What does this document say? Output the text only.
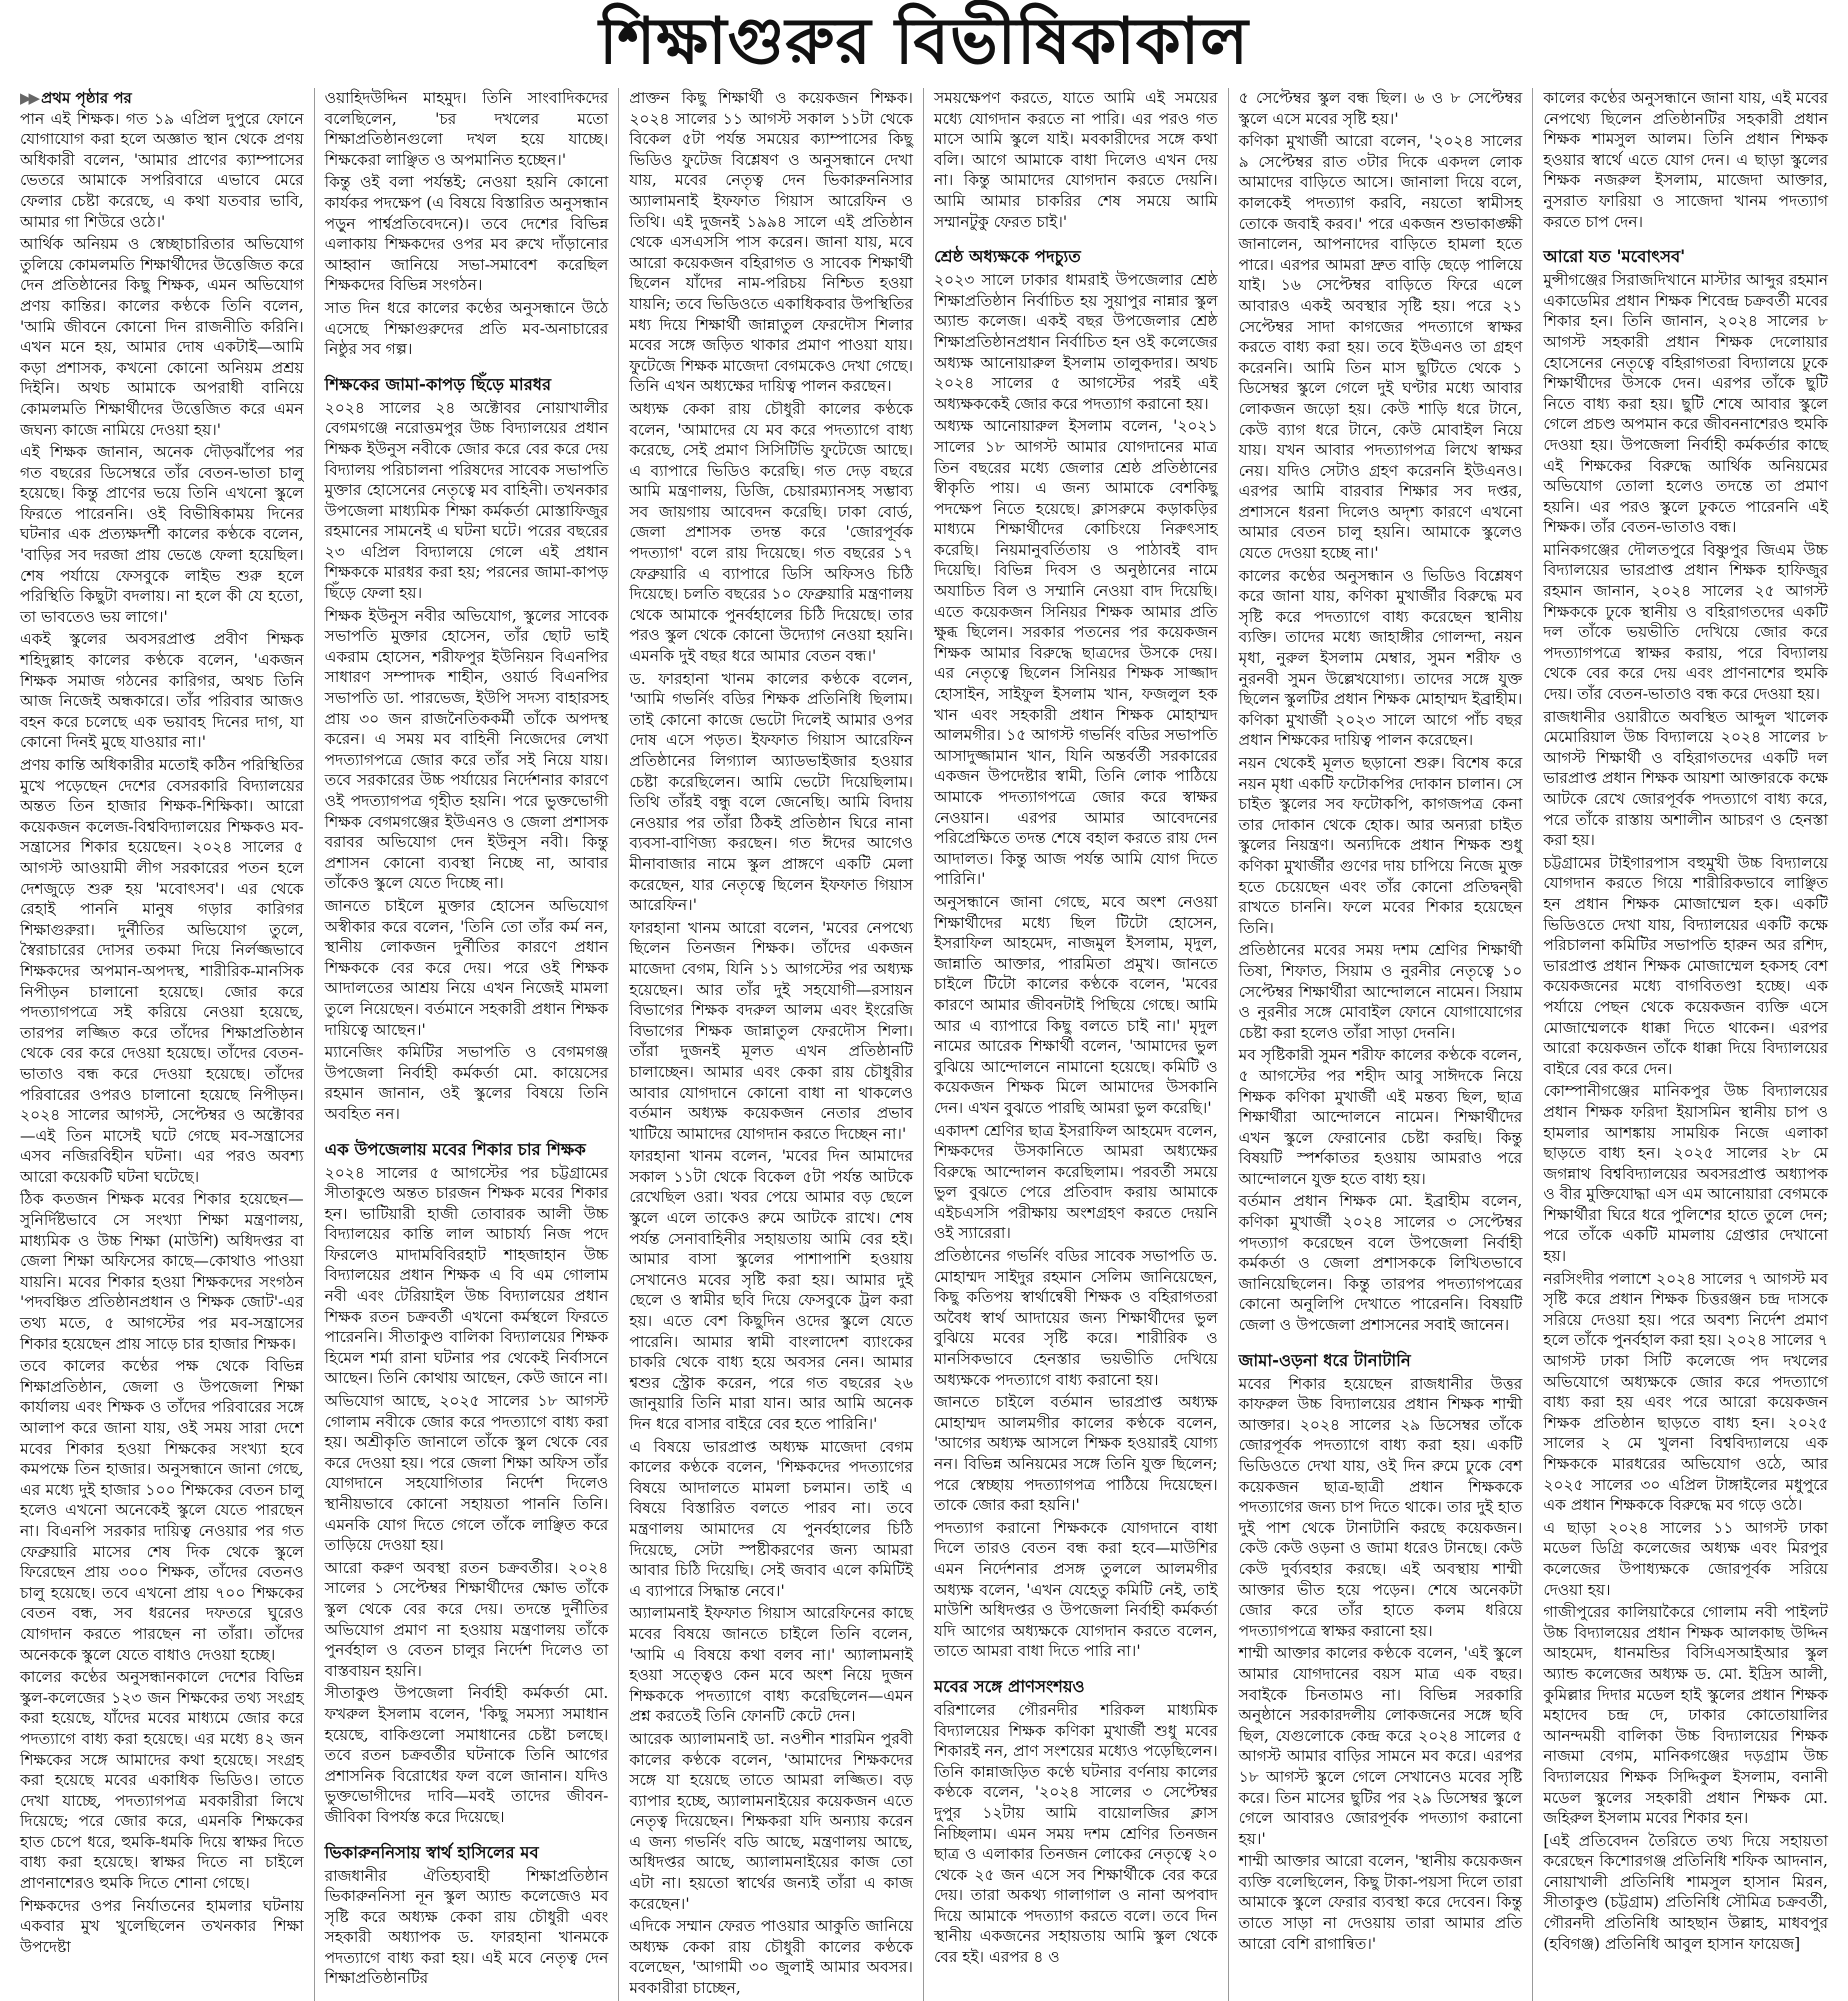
শিক্ষাগুরুর বিভীষিকাকাল
▶▶ প্রথম পৃষ্ঠার পর

পান এই শিক্ষক। গত ১৯ এপ্রিল দুপুরে ফোনে যোগাযোগ করা হলে অজ্ঞাত স্থান থেকে প্রণয় অধিকারী বলেন, 'আমার প্রাণের ক্যাম্পাসের ভেতরে আমাকে সপরিবারে এভাবে মেরে ফেলার চেষ্টা করেছে, এ কথা যতবার ভাবি, আমার গা শিউরে ওঠে।'

আর্থিক অনিয়ম ও স্বেচ্ছাচারিতার অভিযোগ তুলিয়ে কোমলমতি শিক্ষার্থীদের উত্তেজিত করে দেন প্রতিষ্ঠানের কিছু শিক্ষক, এমন অভিযোগ প্রণয় কান্তির। কালের কণ্ঠকে তিনি বলেন, 'আমি জীবনে কোনো দিন রাজনীতি করিনি। এখন মনে হয়, আমার দোষ একটাই—আমি কড়া প্রশাসক, কখনো কোনো অনিয়ম প্রশ্রয় দিইনি। অথচ আমাকে অপরাধী বানিয়ে কোমলমতি শিক্ষার্থীদের উত্তেজিত করে এমন জঘন্য কাজে নামিয়ে দেওয়া হয়।'

এই শিক্ষক জানান, অনেক দৌড়ঝাঁপের পর গত বছরের ডিসেম্বরে তাঁর বেতন-ভাতা চালু হয়েছে। কিন্তু প্রাণের ভয়ে তিনি এখনো স্কুলে ফিরতে পারেননি। ওই বিভীষিকাময় দিনের ঘটনার এক প্রত্যক্ষদর্শী কালের কণ্ঠকে বলেন, 'বাড়ির সব দরজা প্রায় ভেঙে ফেলা হয়েছিল। শেষ পর্যায়ে ফেসবুকে লাইভ শুরু হলে পরিস্থিতি কিছুটা বদলায়। না হলে কী যে হতো, তা ভাবতেও ভয় লাগে।'

একই স্কুলের অবসরপ্রাপ্ত প্রবীণ শিক্ষক শহিদুল্লাহ কালের কণ্ঠকে বলেন, 'একজন শিক্ষক সমাজ গঠনের কারিগর, অথচ তিনি আজ নিজেই অন্ধকারে। তাঁর পরিবার আজও বহন করে চলেছে এক ভয়াবহ দিনের দাগ, যা কোনো দিনই মুছে যাওয়ার না।'

প্রণয় কান্তি অধিকারীর মতোই কঠিন পরিস্থিতির মুখে পড়েছেন দেশের বেসরকারি বিদ্যালয়ের অন্তত তিন হাজার শিক্ষক-শিক্ষিকা। আরো কয়েকজন কলেজ-বিশ্ববিদ্যালয়ের শিক্ষকও মব-সন্ত্রাসের শিকার হয়েছেন। ২০২৪ সালের ৫ আগস্ট আওয়ামী লীগ সরকারের পতন হলে দেশজুড়ে শুরু হয় 'মবোৎসব'। এর থেকে রেহাই পাননি মানুষ গড়ার কারিগর শিক্ষাগুরুরা। দুর্নীতির অভিযোগ তুলে, স্বৈরাচারের দোসর তকমা দিয়ে নির্লজ্জভাবে শিক্ষকদের অপমান-অপদস্থ, শারীরিক-মানসিক নিপীড়ন চালানো হয়েছে। জোর করে পদত্যাগপত্রে সই করিয়ে নেওয়া হয়েছে, তারপর লজ্জিত করে তাঁদের শিক্ষাপ্রতিষ্ঠান থেকে বের করে দেওয়া হয়েছে। তাঁদের বেতন-ভাতাও বন্ধ করে দেওয়া হয়েছে। তাঁদের পরিবারের ওপরও চালানো হয়েছে নিপীড়ন। ২০২৪ সালের আগস্ট, সেপ্টেম্বর ও অক্টোবর—এই তিন মাসেই ঘটে গেছে মব-সন্ত্রাসের এসব নজিরবিহীন ঘটনা। এর পরও অবশ্য আরো কয়েকটি ঘটনা ঘটেছে।

ঠিক কতজন শিক্ষক মবের শিকার হয়েছেন—সুনির্দিষ্টভাবে সে সংখ্যা শিক্ষা মন্ত্রণালয়, মাধ্যমিক ও উচ্চ শিক্ষা (মাউশি) অধিদপ্তর বা জেলা শিক্ষা অফিসের কাছে—কোথাও পাওয়া যায়নি। মবের শিকার হওয়া শিক্ষকদের সংগঠন 'পদবঞ্চিত প্রতিষ্ঠানপ্রধান ও শিক্ষক জোট'-এর তথ্য মতে, ৫ আগস্টের পর মব-সন্ত্রাসের শিকার হয়েছেন প্রায় সাড়ে চার হাজার শিক্ষক।

তবে কালের কণ্ঠের পক্ষ থেকে বিভিন্ন শিক্ষাপ্রতিষ্ঠান, জেলা ও উপজেলা শিক্ষা কার্যালয় এবং শিক্ষক ও তাঁদের পরিবারের সঙ্গে আলাপ করে জানা যায়, ওই সময় সারা দেশে মবের শিকার হওয়া শিক্ষকের সংখ্যা হবে কমপক্ষে তিন হাজার। অনুসন্ধানে জানা গেছে, এর মধ্যে দুই হাজার ১০০ শিক্ষকের বেতন চালু হলেও এখনো অনেকেই স্কুলে যেতে পারছেন না। বিএনপি সরকার দায়িত্ব নেওয়ার পর গত ফেব্রুয়ারি মাসের শেষ দিক থেকে স্কুলে ফিরেছেন প্রায় ৩০০ শিক্ষক, তাঁদের বেতনও চালু হয়েছে। তবে এখনো প্রায় ৭০০ শিক্ষকের বেতন বন্ধ, সব ধরনের দফতরে ঘুরেও যোগদান করতে পারছেন না তাঁরা। তাঁদের অনেককে স্কুলে যেতে বাধাও দেওয়া হচ্ছে।

কালের কণ্ঠের অনুসন্ধানকালে দেশের বিভিন্ন স্কুল-কলেজের ১২৩ জন শিক্ষকের তথ্য সংগ্রহ করা হয়েছে, যাঁদের মবের মাধ্যমে জোর করে পদত্যাগে বাধ্য করা হয়েছে। এর মধ্যে ৪২ জন শিক্ষকের সঙ্গে আমাদের কথা হয়েছে। সংগ্রহ করা হয়েছে মবের একাধিক ভিডিও। তাতে দেখা যাচ্ছে, পদত্যাগপত্র মবকারীরা লিখে দিয়েছে; পরে জোর করে, এমনকি শিক্ষকের হাত চেপে ধরে, হুমকি-ধমকি দিয়ে স্বাক্ষর দিতে বাধ্য করা হয়েছে। স্বাক্ষর দিতে না চাইলে প্রাণনাশেরও হুমকি দিতে শোনা গেছে।

শিক্ষকদের ওপর নির্যাতনের হামলার ঘটনায় একবার মুখ খুলেছিলেন তখনকার শিক্ষা উপদেষ্টা

ওয়াহিদউদ্দিন মাহমুদ। তিনি সাংবাদিকদের বলেছিলেন, 'চর দখলের মতো শিক্ষাপ্রতিষ্ঠানগুলো দখল হয়ে যাচ্ছে। শিক্ষকেরা লাঞ্ছিত ও অপমানিত হচ্ছেন।'

কিন্তু ওই বলা পর্যন্তই; নেওয়া হয়নি কোনো কার্যকর পদক্ষেপ (এ বিষয়ে বিস্তারিত অনুসন্ধান পড়ুন পার্শ্বপ্রতিবেদনে)। তবে দেশের বিভিন্ন এলাকায় শিক্ষকদের ওপর মব রুখে দাঁড়ানোর আহ্বান জানিয়ে সভা-সমাবেশ করেছিল শিক্ষকদের বিভিন্ন সংগঠন।

সাত দিন ধরে কালের কণ্ঠের অনুসন্ধানে উঠে এসেছে শিক্ষাগুরুদের প্রতি মব-অনাচারের নিষ্ঠুর সব গল্প।

শিক্ষকের জামা-কাপড় ছিঁড়ে মারধর

২০২৪ সালের ২৪ অক্টোবর নোয়াখালীর বেগমগঞ্জে নরোত্তমপুর উচ্চ বিদ্যালয়ের প্রধান শিক্ষক ইউনুস নবীকে জোর করে বের করে দেয় বিদ্যালয় পরিচালনা পরিষদের সাবেক সভাপতি মুক্তার হোসেনের নেতৃত্বে মব বাহিনী। তখনকার উপজেলা মাধ্যমিক শিক্ষা কর্মকর্তা মোস্তাফিজুর রহমানের সামনেই এ ঘটনা ঘটে। পরের বছরের ২৩ এপ্রিল বিদ্যালয়ে গেলে এই প্রধান শিক্ষককে মারধর করা হয়; পরনের জামা-কাপড় ছিঁড়ে ফেলা হয়।

শিক্ষক ইউনুস নবীর অভিযোগ, স্কুলের সাবেক সভাপতি মুক্তার হোসেন, তাঁর ছোট ভাই একরাম হোসেন, শরীফপুর ইউনিয়ন বিএনপির সাধারণ সম্পাদক শাহীন, ওয়ার্ড বিএনপির সভাপতি ডা. পারভেজ, ইউপি সদস্য বাহারসহ প্রায় ৩০ জন রাজনৈতিককর্মী তাঁকে অপদস্থ করেন। এ সময় মব বাহিনী নিজেদের লেখা পদত্যাগপত্রে জোর করে তাঁর সই নিয়ে যায়। তবে সরকারের উচ্চ পর্যায়ের নির্দেশনার কারণে ওই পদত্যাগপত্র গৃহীত হয়নি। পরে ভুক্তভোগী শিক্ষক বেগমগঞ্জের ইউএনও ও জেলা প্রশাসক বরাবর অভিযোগ দেন ইউনুস নবী। কিন্তু প্রশাসন কোনো ব্যবস্থা নিচ্ছে না, আবার তাঁকেও স্কুলে যেতে দিচ্ছে না।

জানতে চাইলে মুক্তার হোসেন অভিযোগ অস্বীকার করে বলেন, 'তিনি তো তাঁর কর্ম নন, স্থানীয় লোকজন দুর্নীতির কারণে প্রধান শিক্ষককে বের করে দেয়। পরে ওই শিক্ষক আদালতের আশ্রয় নিয়ে এখন নিজেই মামলা তুলে নিয়েছেন। বর্তমানে সহকারী প্রধান শিক্ষক দায়িত্বে আছেন।'

ম্যানেজিং কমিটির সভাপতি ও বেগমগঞ্জ উপজেলা নির্বাহী কর্মকর্তা মো. কায়েসের রহমান জানান, ওই স্কুলের বিষয়ে তিনি অবহিত নন।

এক উপজেলায় মবের শিকার চার শিক্ষক

২০২৪ সালের ৫ আগস্টের পর চট্টগ্রামের সীতাকুণ্ডে অন্তত চারজন শিক্ষক মবের শিকার হন। ভাটিয়ারী হাজী তোবারক আলী উচ্চ বিদ্যালয়ের কান্তি লাল আচার্য্য নিজ পদে ফিরলেও মাদামবিবিরহাট শাহজাহান উচ্চ বিদ্যালয়ের প্রধান শিক্ষক এ বি এম গোলাম নবী এবং টেরিয়াইল উচ্চ বিদ্যালয়ের প্রধান শিক্ষক রতন চক্রবর্তী এখনো কর্মস্থলে ফিরতে পারেননি। সীতাকুণ্ড বালিকা বিদ্যালয়ের শিক্ষক হিমেল শর্মা রানা ঘটনার পর থেকেই নির্বাসনে আছেন। তিনি কোথায় আছেন, কেউ জানে না।

অভিযোগ আছে, ২০২৫ সালের ১৮ আগস্ট গোলাম নবীকে জোর করে পদত্যাগে বাধ্য করা হয়। অশ্রীকৃতি জানালে তাঁকে স্কুল থেকে বের করে দেওয়া হয়। পরে জেলা শিক্ষা অফিস তাঁর যোগদানে সহযোগিতার নির্দেশ দিলেও স্থানীয়ভাবে কোনো সহায়তা পাননি তিনি। এমনকি যোগ দিতে গেলে তাঁকে লাঞ্ছিত করে তাড়িয়ে দেওয়া হয়।

আরো করুণ অবস্থা রতন চক্রবর্তীর। ২০২৪ সালের ১ সেপ্টেম্বর শিক্ষার্থীদের ক্ষোভ তাঁকে স্কুল থেকে বের করে দেয়। তদন্তে দুর্নীতির অভিযোগ প্রমাণ না হওয়ায় মন্ত্রণালয় তাঁকে পুনর্বহাল ও বেতন চালুর নির্দেশ দিলেও তা বাস্তবায়ন হয়নি।

সীতাকুণ্ড উপজেলা নির্বাহী কর্মকর্তা মো. ফখরুল ইসলাম বলেন, 'কিছু সমস্যা সমাধান হয়েছে, বাকিগুলো সমাধানের চেষ্টা চলছে। তবে রতন চক্রবর্তীর ঘটনাকে তিনি আগের প্রশাসনিক বিরোধের ফল বলে জানান। যদিও ভুক্তভোগীদের দাবি—মবই তাদের জীবন-জীবিকা বিপর্যস্ত করে দিয়েছে।

ভিকারুননিসায় স্বার্থ হাসিলের মব

রাজধানীর ঐতিহ্যবাহী শিক্ষাপ্রতিষ্ঠান ভিকারুননিসা নূন স্কুল অ্যান্ড কলেজেও মব সৃষ্টি করে অধ্যক্ষ কেকা রায় চৌধুরী এবং সহকারী অধ্যাপক ড. ফারহানা খানমকে পদত্যাগে বাধ্য করা হয়। এই মবে নেতৃত্ব দেন শিক্ষাপ্রতিষ্ঠানটির

প্রাক্তন কিছু শিক্ষার্থী ও কয়েকজন শিক্ষক। ২০২৪ সালের ১১ আগস্ট সকাল ১১টা থেকে বিকেল ৫টা পর্যন্ত সময়ের ক্যাম্পাসের কিছু ভিডিও ফুটেজ বিশ্লেষণ ও অনুসন্ধানে দেখা যায়, মবের নেতৃত্ব দেন ভিকারুননিসার অ্যালামনাই ইফফাত গিয়াস আরেফিন ও তিথি। এই দুজনই ১৯৯৪ সালে এই প্রতিষ্ঠান থেকে এসএসসি পাস করেন। জানা যায়, মবে আরো কয়েকজন বহিরাগত ও সাবেক শিক্ষার্থী ছিলেন যাঁদের নাম-পরিচয় নিশ্চিত হওয়া যায়নি; তবে ভিডিওতে একাধিকবার উপস্থিতির মধ্য দিয়ে শিক্ষার্থী জান্নাতুল ফেরদৌস শিলার মবের সঙ্গে জড়িত থাকার প্রমাণ পাওয়া যায়। ফুটেজে শিক্ষক মাজেদা বেগমকেও দেখা গেছে। তিনি এখন অধ্যক্ষের দায়িত্ব পালন করছেন।

অধ্যক্ষ কেকা রায় চৌধুরী কালের কণ্ঠকে বলেন, 'আমাদের যে মব করে পদত্যাগে বাধ্য করেছে, সেই প্রমাণ সিসিটিভি ফুটেজে আছে। এ ব্যাপারে ভিডিও করেছি। গত দেড় বছরে আমি মন্ত্রণালয়, ডিজি, চেয়ারম্যানসহ সম্ভাব্য সব জায়গায় আবেদন করেছি। ঢাকা বোর্ড, জেলা প্রশাসক তদন্ত করে 'জোরপূর্বক পদত্যাগ' বলে রায় দিয়েছে। গত বছরের ১৭ ফেব্রুয়ারি এ ব্যাপারে ডিসি অফিসও চিঠি দিয়েছে। চলতি বছরের ১০ ফেব্রুয়ারি মন্ত্রণালয় থেকে আমাকে পুনর্বহালের চিঠি দিয়েছে। তার পরও স্কুল থেকে কোনো উদ্যোগ নেওয়া হয়নি। এমনকি দুই বছর ধরে আমার বেতন বন্ধ।'

ড. ফারহানা খানম কালের কণ্ঠকে বলেন, 'আমি গভর্নিং বডির শিক্ষক প্রতিনিধি ছিলাম। তাই কোনো কাজে ভেটো দিলেই আমার ওপর দোষ এসে পড়ত। ইফফাত গিয়াস আরেফিন প্রতিষ্ঠানের লিগ্যাল অ্যাডভাইজার হওয়ার চেষ্টা করেছিলেন। আমি ভেটো দিয়েছিলাম। তিথি তাঁরই বন্ধু বলে জেনেছি। আমি বিদায় নেওয়ার পর তাঁরা ঠিকই প্রতিষ্ঠান ঘিরে নানা ব্যবসা-বাণিজ্য করছেন। গত ঈদের আগেও মীনাবাজার নামে স্কুল প্রাঙ্গণে একটি মেলা করেছেন, যার নেতৃত্বে ছিলেন ইফফাত গিয়াস আরেফিন।'

ফারহানা খানম আরো বলেন, 'মবের নেপথ্যে ছিলেন তিনজন শিক্ষক। তাঁদের একজন মাজেদা বেগম, যিনি ১১ আগস্টের পর অধ্যক্ষ হয়েছেন। আর তাঁর দুই সহযোগী—রসায়ন বিভাগের শিক্ষক বদরুল আলম এবং ইংরেজি বিভাগের শিক্ষক জান্নাতুল ফেরদৌস শিলা। তাঁরা দুজনই মূলত এখন প্রতিষ্ঠানটি চালাচ্ছেন। আমার এবং কেকা রায় চৌধুরীর আবার যোগদানে কোনো বাধা না থাকলেও বর্তমান অধ্যক্ষ কয়েকজন নেতার প্রভাব খাটিয়ে আমাদের যোগদান করতে দিচ্ছেন না।'

ফারহানা খানম বলেন, 'মবের দিন আমাদের সকাল ১১টা থেকে বিকেল ৫টা পর্যন্ত আটকে রেখেছিল ওরা। খবর পেয়ে আমার বড় ছেলে স্কুলে এলে তাকেও রুমে আটকে রাখে। শেষ পর্যন্ত সেনাবাহিনীর সহায়তায় আমি বের হই। আমার বাসা স্কুলের পাশাপাশি হওয়ায় সেখানেও মবের সৃষ্টি করা হয়। আমার দুই ছেলে ও স্বামীর ছবি দিয়ে ফেসবুকে ট্রল করা হয়। এতে বেশ কিছুদিন ওদের স্কুলে যেতে পারেনি। আমার স্বামী বাংলাদেশ ব্যাংকের চাকরি থেকে বাধ্য হয়ে অবসর নেন। আমার শ্বশুর স্ট্রোক করেন, পরে গত বছরের ২৬ জানুয়ারি তিনি মারা যান। আর আমি অনেক দিন ধরে বাসার বাইরে বের হতে পারিনি।'

এ বিষয়ে ভারপ্রাপ্ত অধ্যক্ষ মাজেদা বেগম কালের কণ্ঠকে বলেন, 'শিক্ষকদের পদত্যাগের বিষয়ে আদালতে মামলা চলমান। তাই এ বিষয়ে বিস্তারিত বলতে পারব না। তবে মন্ত্রণালয় আমাদের যে পুনর্বহালের চিঠি দিয়েছে, সেটা স্পষ্টীকরণের জন্য আমরা আবার চিঠি দিয়েছি। সেই জবাব এলে কমিটিই এ ব্যাপারে সিদ্ধান্ত নেবে।'

অ্যালামনাই ইফফাত গিয়াস আরেফিনের কাছে মবের বিষয়ে জানতে চাইলে তিনি বলেন, 'আমি এ বিষয়ে কথা বলব না।' অ্যালামনাই হওয়া সত্ত্বেও কেন মবে অংশ নিয়ে দুজন শিক্ষককে পদত্যাগে বাধ্য করেছিলেন—এমন প্রশ্ন করতেই তিনি ফোনটি কেটে দেন।

আরেক অ্যালামনাই ডা. নওশীন শারমিন পুরবী কালের কণ্ঠকে বলেন, 'আমাদের শিক্ষকদের সঙ্গে যা হয়েছে তাতে আমরা লজ্জিত। বড় ব্যাপার হচ্ছে, অ্যালামনাইয়ের কয়েকজন এতে নেতৃত্ব দিয়েছেন। শিক্ষকরা যদি অন্যায় করেন এ জন্য গভর্নিং বডি আছে, মন্ত্রণালয় আছে, অধিদপ্তর আছে, অ্যালামনাইয়ের কাজ তো এটা না। হয়তো স্বার্থের জন্যই তাঁরা এ কাজ করেছেন।'

এদিকে সম্মান ফেরত পাওয়ার আকুতি জানিয়ে অধ্যক্ষ কেকা রায় চৌধুরী কালের কণ্ঠকে বলেছেন, 'আগামী ৩০ জুলাই আমার অবসর। মবকারীরা চাচ্ছেন,

সময়ক্ষেপণ করতে, যাতে আমি এই সময়ের মধ্যে যোগদান করতে না পারি। এর পরও গত মাসে আমি স্কুলে যাই। মবকারীদের সঙ্গে কথা বলি। আগে আমাকে বাধা দিলেও এখন দেয় না। কিন্তু আমাদের যোগদান করতে দেয়নি। আমি আমার চাকরির শেষ সময়ে আমি সম্মানটুকু ফেরত চাই।'

শ্রেষ্ঠ অধ্যক্ষকে পদচ্যুত

২০২৩ সালে ঢাকার ধামরাই উপজেলার শ্রেষ্ঠ শিক্ষাপ্রতিষ্ঠান নির্বাচিত হয় সুয়াপুর নান্নার স্কুল অ্যান্ড কলেজ। একই বছর উপজেলার শ্রেষ্ঠ শিক্ষাপ্রতিষ্ঠানপ্রধান নির্বাচিত হন ওই কলেজের অধ্যক্ষ আনোয়ারুল ইসলাম তালুকদার। অথচ ২০২৪ সালের ৫ আগস্টের পরই এই অধ্যক্ষককেই জোর করে পদত্যাগ করানো হয়।

অধ্যক্ষ আনোয়ারুল ইসলাম বলেন, '২০২১ সালের ১৮ আগস্ট আমার যোগদানের মাত্র তিন বছরের মধ্যে জেলার শ্রেষ্ঠ প্রতিষ্ঠানের স্বীকৃতি পায়। এ জন্য আমাকে বেশকিছু পদক্ষেপ নিতে হয়েছে। ক্লাসরুমে কড়াকড়ির মাধ্যমে শিক্ষার্থীদের কোচিংয়ে নিরুৎসাহ করেছি। নিয়মানুবর্তিতায় ও পাঠাবই বাদ দিয়েছি। বিভিন্ন দিবস ও অনুষ্ঠানের নামে অযাচিত বিল ও সম্মানি নেওয়া বাদ দিয়েছি। এতে কয়েকজন সিনিয়র শিক্ষক আমার প্রতি ক্ষুব্ধ ছিলেন। সরকার পতনের পর কয়েকজন শিক্ষক আমার বিরুদ্ধে ছাত্রদের উসকে দেয়। এর নেতৃত্বে ছিলেন সিনিয়র শিক্ষক সাজ্জাদ হোসাইন, সাইফুল ইসলাম খান, ফজলুল হক খান এবং সহকারী প্রধান শিক্ষক মোহাম্মদ আলমগীর। ১৫ আগস্ট গভর্নিং বডির সভাপতি আসাদুজ্জামান খান, যিনি অন্তর্বর্তী সরকারের একজন উপদেষ্টার স্বামী, তিনি লোক পাঠিয়ে আমাকে পদত্যাগপত্রে জোর করে স্বাক্ষর নেওয়ান। এরপর আমার আবেদনের পরিপ্রেক্ষিতে তদন্ত শেষে বহাল করতে রায় দেন আদালত। কিন্তু আজ পর্যন্ত আমি যোগ দিতে পারিনি।'

অনুসন্ধানে জানা গেছে, মবে অংশ নেওয়া শিক্ষার্থীদের মধ্যে ছিল টিটো হোসেন, ইসরাফিল আহমেদ, নাজমুল ইসলাম, মৃদুল, জান্নাতি আক্তার, পারমিতা প্রমুখ। জানতে চাইলে টিটো কালের কণ্ঠকে বলেন, 'মবের কারণে আমার জীবনটাই পিছিয়ে গেছে। আমি আর এ ব্যাপারে কিছু বলতে চাই না।' মৃদুল নামের আরেক শিক্ষার্থী বলেন, 'আমাদের ভুল বুঝিয়ে আন্দোলনে নামানো হয়েছে। কমিটি ও কয়েকজন শিক্ষক মিলে আমাদের উসকানি দেন। এখন বুঝতে পারছি আমরা ভুল করেছি।'

একাদশ শ্রেণির ছাত্র ইসরাফিল আহমেদ বলেন, শিক্ষকদের উসকানিতে আমরা অধ্যক্ষের বিরুদ্ধে আন্দোলন করেছিলাম। পরবর্তী সময়ে ভুল বুঝতে পেরে প্রতিবাদ করায় আমাকে এইচএসসি পরীক্ষায় অংশগ্রহণ করতে দেয়নি ওই স্যারেরা।

প্রতিষ্ঠানের গভর্নিং বডির সাবেক সভাপতি ড. মোহাম্মদ সাইদুর রহমান সেলিম জানিয়েছেন, কিছু কতিপয় স্বার্থান্বেষী শিক্ষক ও বহিরাগতরা অবৈধ স্বার্থ আদায়ের জন্য শিক্ষার্থীদের ভুল বুঝিয়ে মবের সৃষ্টি করে। শারীরিক ও মানসিকভাবে হেনস্তার ভয়ভীতি দেখিয়ে অধ্যক্ষকে পদত্যাগে বাধ্য করানো হয়।

জানতে চাইলে বর্তমান ভারপ্রাপ্ত অধ্যক্ষ মোহাম্মদ আলমগীর কালের কণ্ঠকে বলেন, 'আগের অধ্যক্ষ আসলে শিক্ষক হওয়ারই যোগ্য নন। বিভিন্ন অনিয়মের সঙ্গে তিনি যুক্ত ছিলেন; পরে স্বেচ্ছায় পদত্যাগপত্র পাঠিয়ে দিয়েছেন। তাকে জোর করা হয়নি।'

পদত্যাগ করানো শিক্ষককে যোগদানে বাধা দিলে তারও বেতন বন্ধ করা হবে—মাউশির এমন নির্দেশনার প্রসঙ্গ তুললে আলমগীর অধ্যক্ষ বলেন, 'এখন যেহেতু কমিটি নেই, তাই মাউশি অধিদপ্তর ও উপজেলা নির্বাহী কর্মকর্তা যদি আগের অধ্যক্ষকে যোগদান করতে বলেন, তাতে আমরা বাধা দিতে পারি না।'

মবের সঙ্গে প্রাণসংশয়ও

বরিশালের গৌরনদীর শরিকল মাধ্যমিক বিদ্যালয়ের শিক্ষক কণিকা মুখার্জী শুধু মবের শিকারই নন, প্রাণ সংশয়ের মধ্যেও পড়েছিলেন। তিনি কান্নাজড়িত কণ্ঠে ঘটনার বর্ণনায় কালের কণ্ঠকে বলেন, '২০২৪ সালের ৩ সেপ্টেম্বর দুপুর ১২টায় আমি বায়োলজির ক্লাস নিচ্ছিলাম। এমন সময় দশম শ্রেণির তিনজন ছাত্র ও এলাকার তিনজন লোকের নেতৃত্বে ২০ থেকে ২৫ জন এসে সব শিক্ষার্থীকে বের করে দেয়। তারা অকথ্য গালাগাল ও নানা অপবাদ দিয়ে আমাকে পদত্যাগ করতে বলে। তবে দিন স্থানীয় একজনের সহায়তায় আমি স্কুল থেকে বের হই। এরপর ৪ ও

৫ সেপ্টেম্বর স্কুল বন্ধ ছিল। ৬ ও ৮ সেপ্টেম্বর স্কুলে এসে মবের সৃষ্টি হয়।'

কণিকা মুখার্জী আরো বলেন, '২০২৪ সালের ৯ সেপ্টেম্বর রাত ৩টার দিকে একদল লোক আমাদের বাড়িতে আসে। জানালা দিয়ে বলে, কালকেই পদত্যাগ করবি, নয়তো স্বামীসহ তোকে জবাই করব।' পরে একজন শুভাকাঙ্ক্ষী জানালেন, আপনাদের বাড়িতে হামলা হতে পারে। এরপর আমরা দ্রুত বাড়ি ছেড়ে পালিয়ে যাই। ১৬ সেপ্টেম্বর বাড়িতে ফিরে এলে আবারও একই অবস্থার সৃষ্টি হয়। পরে ২১ সেপ্টেম্বর সাদা কাগজের পদত্যাগে স্বাক্ষর করতে বাধ্য করা হয়। তবে ইউএনও তা গ্রহণ করেননি। আমি তিন মাস ছুটিতে থেকে ১ ডিসেম্বর স্কুলে গেলে দুই ঘণ্টার মধ্যে আবার লোকজন জড়ো হয়। কেউ শাড়ি ধরে টানে, কেউ ব্যাগ ধরে টানে, কেউ মোবাইল নিয়ে যায়। যখন আবার পদত্যাগপত্র লিখে স্বাক্ষর নেয়। যদিও সেটাও গ্রহণ করেননি ইউএনও। এরপর আমি বারবার শিক্ষার সব দপ্তর, প্রশাসনে ধরনা দিলেও অদৃশ্য কারণে এখনো আমার বেতন চালু হয়নি। আমাকে স্কুলেও যেতে দেওয়া হচ্ছে না।'

কালের কণ্ঠের অনুসন্ধান ও ভিডিও বিশ্লেষণ করে জানা যায়, কণিকা মুখার্জীর বিরুদ্ধে মব সৃষ্টি করে পদত্যাগে বাধ্য করেছেন স্থানীয় ব্যক্তি। তাদের মধ্যে জাহাঙ্গীর গোলন্দা, নয়ন মৃধা, নুরুল ইসলাম মেম্বার, সুমন শরীফ ও নুরনবী সুমন উল্লেখযোগ্য। তাদের সঙ্গে যুক্ত ছিলেন স্কুলটির প্রধান শিক্ষক মোহাম্মদ ইব্রাহীম। কণিকা মুখার্জী ২০২৩ সালে আগে পাঁচ বছর প্রধান শিক্ষকের দায়িত্ব পালন করেছেন।

নয়ন থেকেই মূলত ছড়ানো শুরু। বিশেষ করে নয়ন মৃধা একটি ফটোকপির দোকান চালান। সে চাইত স্কুলের সব ফটোকপি, কাগজপত্র কেনা তার দোকান থেকে হোক। আর অন্যরা চাইত স্কুলের নিয়ন্ত্রণ। অন্যদিকে প্রধান শিক্ষক শুধু কণিকা মুখার্জীর গুণের দায় চাপিয়ে নিজে মুক্ত হতে চেয়েছেন এবং তাঁর কোনো প্রতিদ্বন্দ্বী রাখতে চাননি। ফলে মবের শিকার হয়েছেন তিনি।

প্রতিষ্ঠানের মবের সময় দশম শ্রেণির শিক্ষার্থী তিষা, শিফাত, সিয়াম ও নুরনীর নেতৃত্বে ১০ সেপ্টেম্বর শিক্ষার্থীরা আন্দোলনে নামেন। সিয়াম ও নুরনীর সঙ্গে মোবাইল ফোনে যোগাযোগের চেষ্টা করা হলেও তাঁরা সাড়া দেননি।

মব সৃষ্টিকারী সুমন শরীফ কালের কণ্ঠকে বলেন, ৫ আগস্টের পর শহীদ আবু সাঈদকে নিয়ে শিক্ষক কণিকা মুখার্জী এই মন্তব্য ছিল, ছাত্র শিক্ষার্থীরা আন্দোলনে নামেন। শিক্ষার্থীদের এখন স্কুলে ফেরানোর চেষ্টা করছি। কিন্তু বিষয়টি স্পর্শকাতর হওয়ায় আমরাও পরে আন্দোলনে যুক্ত হতে বাধ্য হয়।

বর্তমান প্রধান শিক্ষক মো. ইব্রাহীম বলেন, কণিকা মুখার্জী ২০২৪ সালের ৩ সেপ্টেম্বর পদত্যাগ করেছেন বলে উপজেলা নির্বাহী কর্মকর্তা ও জেলা প্রশাসককে লিখিতভাবে জানিয়েছিলেন। কিন্তু তারপর পদত্যাগপত্রের কোনো অনুলিপি দেখাতে পারেননি। বিষয়টি জেলা ও উপজেলা প্রশাসনের সবাই জানেন।

জামা-ওড়না ধরে টানাটানি

মবের শিকার হয়েছেন রাজধানীর উত্তর কাফরুল উচ্চ বিদ্যালয়ের প্রধান শিক্ষক শাম্মী আক্তার। ২০২৪ সালের ২৯ ডিসেম্বর তাঁকে জোরপূর্বক পদত্যাগে বাধ্য করা হয়। একটি ভিডিওতে দেখা যায়, ওই দিন রুমে ঢুকে বেশ কয়েকজন ছাত্র-ছাত্রী প্রধান শিক্ষককে পদত্যাগের জন্য চাপ দিতে থাকে। তার দুই হাত দুই পাশ থেকে টানাটানি করছে কয়েকজন। কেউ কেউ ওড়না ও জামা ধরেও টানছে। কেউ কেউ দুর্ব্যবহার করছে। এই অবস্থায় শাম্মী আক্তার ভীত হয়ে পড়েন। শেষে অনেকটা জোর করে তাঁর হাতে কলম ধরিয়ে পদত্যাগপত্রে স্বাক্ষর করানো হয়।

শাম্মী আক্তার কালের কণ্ঠকে বলেন, 'এই স্কুলে আমার যোগদানের বয়স মাত্র এক বছর। সবাইকে চিনতামও না। বিভিন্ন সরকারি অনুষ্ঠানে সরকারদলীয় লোকজনের সঙ্গে ছবি ছিল, যেগুলোকে কেন্দ্র করে ২০২৪ সালের ৫ আগস্ট আমার বাড়ির সামনে মব করে। এরপর ১৮ আগস্ট স্কুলে গেলে সেখানেও মবের সৃষ্টি করে। তিন মাসের ছুটির পর ২৯ ডিসেম্বর স্কুলে গেলে আবারও জোরপূর্বক পদত্যাগ করানো হয়।'

শাম্মী আক্তার আরো বলেন, 'স্থানীয় কয়েকজন ব্যক্তি বলেছিলেন, কিছু টাকা-পয়সা দিলে তারা আমাকে স্কুলে ফেরার ব্যবস্থা করে দেবেন। কিন্তু তাতে সাড়া না দেওয়ায় তারা আমার প্রতি আরো বেশি রাগান্বিত।'

কালের কণ্ঠের অনুসন্ধানে জানা যায়, এই মবের নেপথ্যে ছিলেন প্রতিষ্ঠানটির সহকারী প্রধান শিক্ষক শামসুল আলম। তিনি প্রধান শিক্ষক হওয়ার স্বার্থে এতে যোগ দেন। এ ছাড়া স্কুলের শিক্ষক নজরুল ইসলাম, মাজেদা আক্তার, নুসরাত ফারিয়া ও সাজেদা খানম পদত্যাগ করতে চাপ দেন।

আরো যত 'মবোৎসব'

মুন্সীগঞ্জের সিরাজদিখানে মাস্টার আব্দুর রহমান একাডেমির প্রধান শিক্ষক শিবেন্দ্র চক্রবর্তী মবের শিকার হন। তিনি জানান, ২০২৪ সালের ৮ আগস্ট সহকারী প্রধান শিক্ষক দেলোয়ার হোসেনের নেতৃত্বে বহিরাগতরা বিদ্যালয়ে ঢুকে শিক্ষার্থীদের উসকে দেন। এরপর তাঁকে ছুটি নিতে বাধ্য করা হয়। ছুটি শেষে আবার স্কুলে গেলে প্রচণ্ড অপমান করে জীবননাশেরও হুমকি দেওয়া হয়। উপজেলা নির্বাহী কর্মকর্তার কাছে এই শিক্ষকের বিরুদ্ধে আর্থিক অনিয়মের অভিযোগ তোলা হলেও তদন্তে তা প্রমাণ হয়নি। এর পরও স্কুলে ঢুকতে পারেননি এই শিক্ষক। তাঁর বেতন-ভাতাও বন্ধ।

মানিকগঞ্জের দৌলতপুরে বিষ্ণুপুর জিএম উচ্চ বিদ্যালয়ের ভারপ্রাপ্ত প্রধান শিক্ষক হাফিজুর রহমান জানান, ২০২৪ সালের ২৫ আগস্ট শিক্ষককে ঢুকে স্থানীয় ও বহিরাগতদের একটি দল তাঁকে ভয়ভীতি দেখিয়ে জোর করে পদত্যাগপত্রে স্বাক্ষর করায়, পরে বিদ্যালয় থেকে বের করে দেয় এবং প্রাণনাশের হুমকি দেয়। তাঁর বেতন-ভাতাও বন্ধ করে দেওয়া হয়।

রাজধানীর ওয়ারীতে অবস্থিত আব্দুল খালেক মেমোরিয়াল উচ্চ বিদ্যালয়ে ২০২৪ সালের ৮ আগস্ট শিক্ষার্থী ও বহিরাগতদের একটি দল ভারপ্রাপ্ত প্রধান শিক্ষক আয়শা আক্তারকে কক্ষে আটকে রেখে জোরপূর্বক পদত্যাগে বাধ্য করে, পরে তাঁকে রাস্তায় অশালীন আচরণ ও হেনস্তা করা হয়।

চট্টগ্রামের টাইগারপাস বহুমুখী উচ্চ বিদ্যালয়ে যোগদান করতে গিয়ে শারীরিকভাবে লাঞ্ছিত হন প্রধান শিক্ষক মোজাম্মেল হক। একটি ভিডিওতে দেখা যায়, বিদ্যালয়ের একটি কক্ষে পরিচালনা কমিটির সভাপতি হারুন অর রশিদ, ভারপ্রাপ্ত প্রধান শিক্ষক মোজাম্মেল হকসহ বেশ কয়েকজনের মধ্যে বাগবিতণ্ডা হচ্ছে। এক পর্যায়ে পেছন থেকে কয়েকজন ব্যক্তি এসে মোজাম্মেলকে ধাক্কা দিতে থাকেন। এরপর আরো কয়েকজন তাঁকে ধাক্কা দিয়ে বিদ্যালয়ের বাইরে বের করে দেন।

কোম্পানীগঞ্জের মানিকপুর উচ্চ বিদ্যালয়ের প্রধান শিক্ষক ফরিদা ইয়াসমিন স্থানীয় চাপ ও হামলার আশঙ্কায় সাময়িক নিজে এলাকা ছাড়তে বাধ্য হন। ২০২৫ সালের ২৮ মে জগন্নাথ বিশ্ববিদ্যালয়ের অবসরপ্রাপ্ত অধ্যাপক ও বীর মুক্তিযোদ্ধা এস এম আনোয়ারা বেগমকে শিক্ষার্থীরা ঘিরে ধরে পুলিশের হাতে তুলে দেন; পরে তাঁকে একটি মামলায় গ্রেপ্তার দেখানো হয়।

নরসিংদীর পলাশে ২০২৪ সালের ৭ আগস্ট মব সৃষ্টি করে প্রধান শিক্ষক চিত্তরঞ্জন চন্দ্র দাসকে সরিয়ে দেওয়া হয়। পরে অবশ্য নির্দেশ প্রমাণ হলে তাঁকে পুনর্বহাল করা হয়। ২০২৪ সালের ৭ আগস্ট ঢাকা সিটি কলেজে পদ দখলের অভিযোগে অধ্যক্ষকে জোর করে পদত্যাগে বাধ্য করা হয় এবং পরে আরো কয়েকজন শিক্ষক প্রতিষ্ঠান ছাড়তে বাধ্য হন। ২০২৫ সালের ২ মে খুলনা বিশ্ববিদ্যালয়ে এক শিক্ষককে মারধরের অভিযোগ ওঠে, আর ২০২৫ সালের ৩০ এপ্রিল টাঙ্গাইলের মধুপুরে এক প্রধান শিক্ষককে বিরুদ্ধে মব গড়ে ওঠে।

এ ছাড়া ২০২৪ সালের ১১ আগস্ট ঢাকা মডেল ডিগ্রি কলেজের অধ্যক্ষ এবং মিরপুর কলেজের উপাধ্যক্ষকে জোরপূর্বক সরিয়ে দেওয়া হয়।

গাজীপুরের কালিয়াকৈরে গোলাম নবী পাইলট উচ্চ বিদ্যালয়ের প্রধান শিক্ষক আলকাছ উদ্দিন আহমেদ, ধানমন্ডির বিসিএসআইআর স্কুল অ্যান্ড কলেজের অধ্যক্ষ ড. মো. ইদ্রিস আলী, কুমিল্লার দিদার মডেল হাই স্কুলের প্রধান শিক্ষক মহাদেব চন্দ্র দে, ঢাকার কোতোয়ালির আনন্দময়ী বালিকা উচ্চ বিদ্যালয়ের শিক্ষক নাজমা বেগম, মানিকগঞ্জের দড়গ্রাম উচ্চ বিদ্যালয়ের শিক্ষক সিদ্দিকুল ইসলাম, বনানী মডেল স্কুলের সহকারী প্রধান শিক্ষক মো. জহিরুল ইসলাম মবের শিকার হন।

[এই প্রতিবেদন তৈরিতে তথ্য দিয়ে সহায়তা করেছেন কিশোরগঞ্জ প্রতিনিধি শফিক আদনান, নোয়াখালী প্রতিনিধি শামসুল হাসান মিরন, সীতাকুণ্ড (চট্টগ্রাম) প্রতিনিধি সৌমিত্র চক্রবর্তী, গৌরনদী প্রতিনিধি আহছান উল্লাহ, মাধবপুর (হবিগঞ্জ) প্রতিনিধি আবুল হাসান ফায়েজ]
